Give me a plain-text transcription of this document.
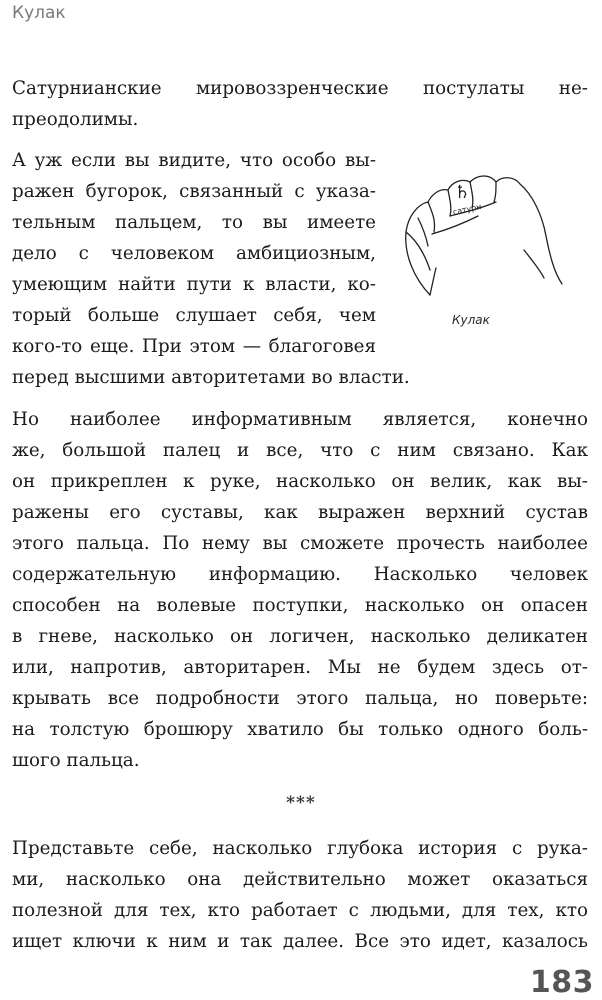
Кулак

Сатурнианские мировоззренческие постулаты не-

преодолимы.

А уж если вы видите, что особо вы-

ражен бугорок, связанный с указа-

тельным пальцем, то вы имеете

дело с человеком амбициозным,

умеющим найти пути к власти, ко-

торый больше слушает себя, чем

кого-то еще. При этом — благоговея

перед высшими авторитетами во власти.

♄
сатурн
Кулак

Но наиболее информативным является, конечно

же, большой палец и все, что с ним связано. Как

он прикреплен к руке, насколько он велик, как вы-

ражены его суставы, как выражен верхний сустав

этого пальца. По нему вы сможете прочесть наиболее

содержательную информацию. Насколько человек

способен на волевые поступки, насколько он опасен

в гневе, насколько он логичен, насколько деликатен

или, напротив, авторитарен. Мы не будем здесь от-

крывать все подробности этого пальца, но поверьте:

на толстую брошюру хватило бы только одного боль-

шого пальца.

***

Представьте себе, насколько глубока история с рука-

ми, насколько она действительно может оказаться

полезной для тех, кто работает с людьми, для тех, кто

ищет ключи к ним и так далее. Все это идет, казалось

183
